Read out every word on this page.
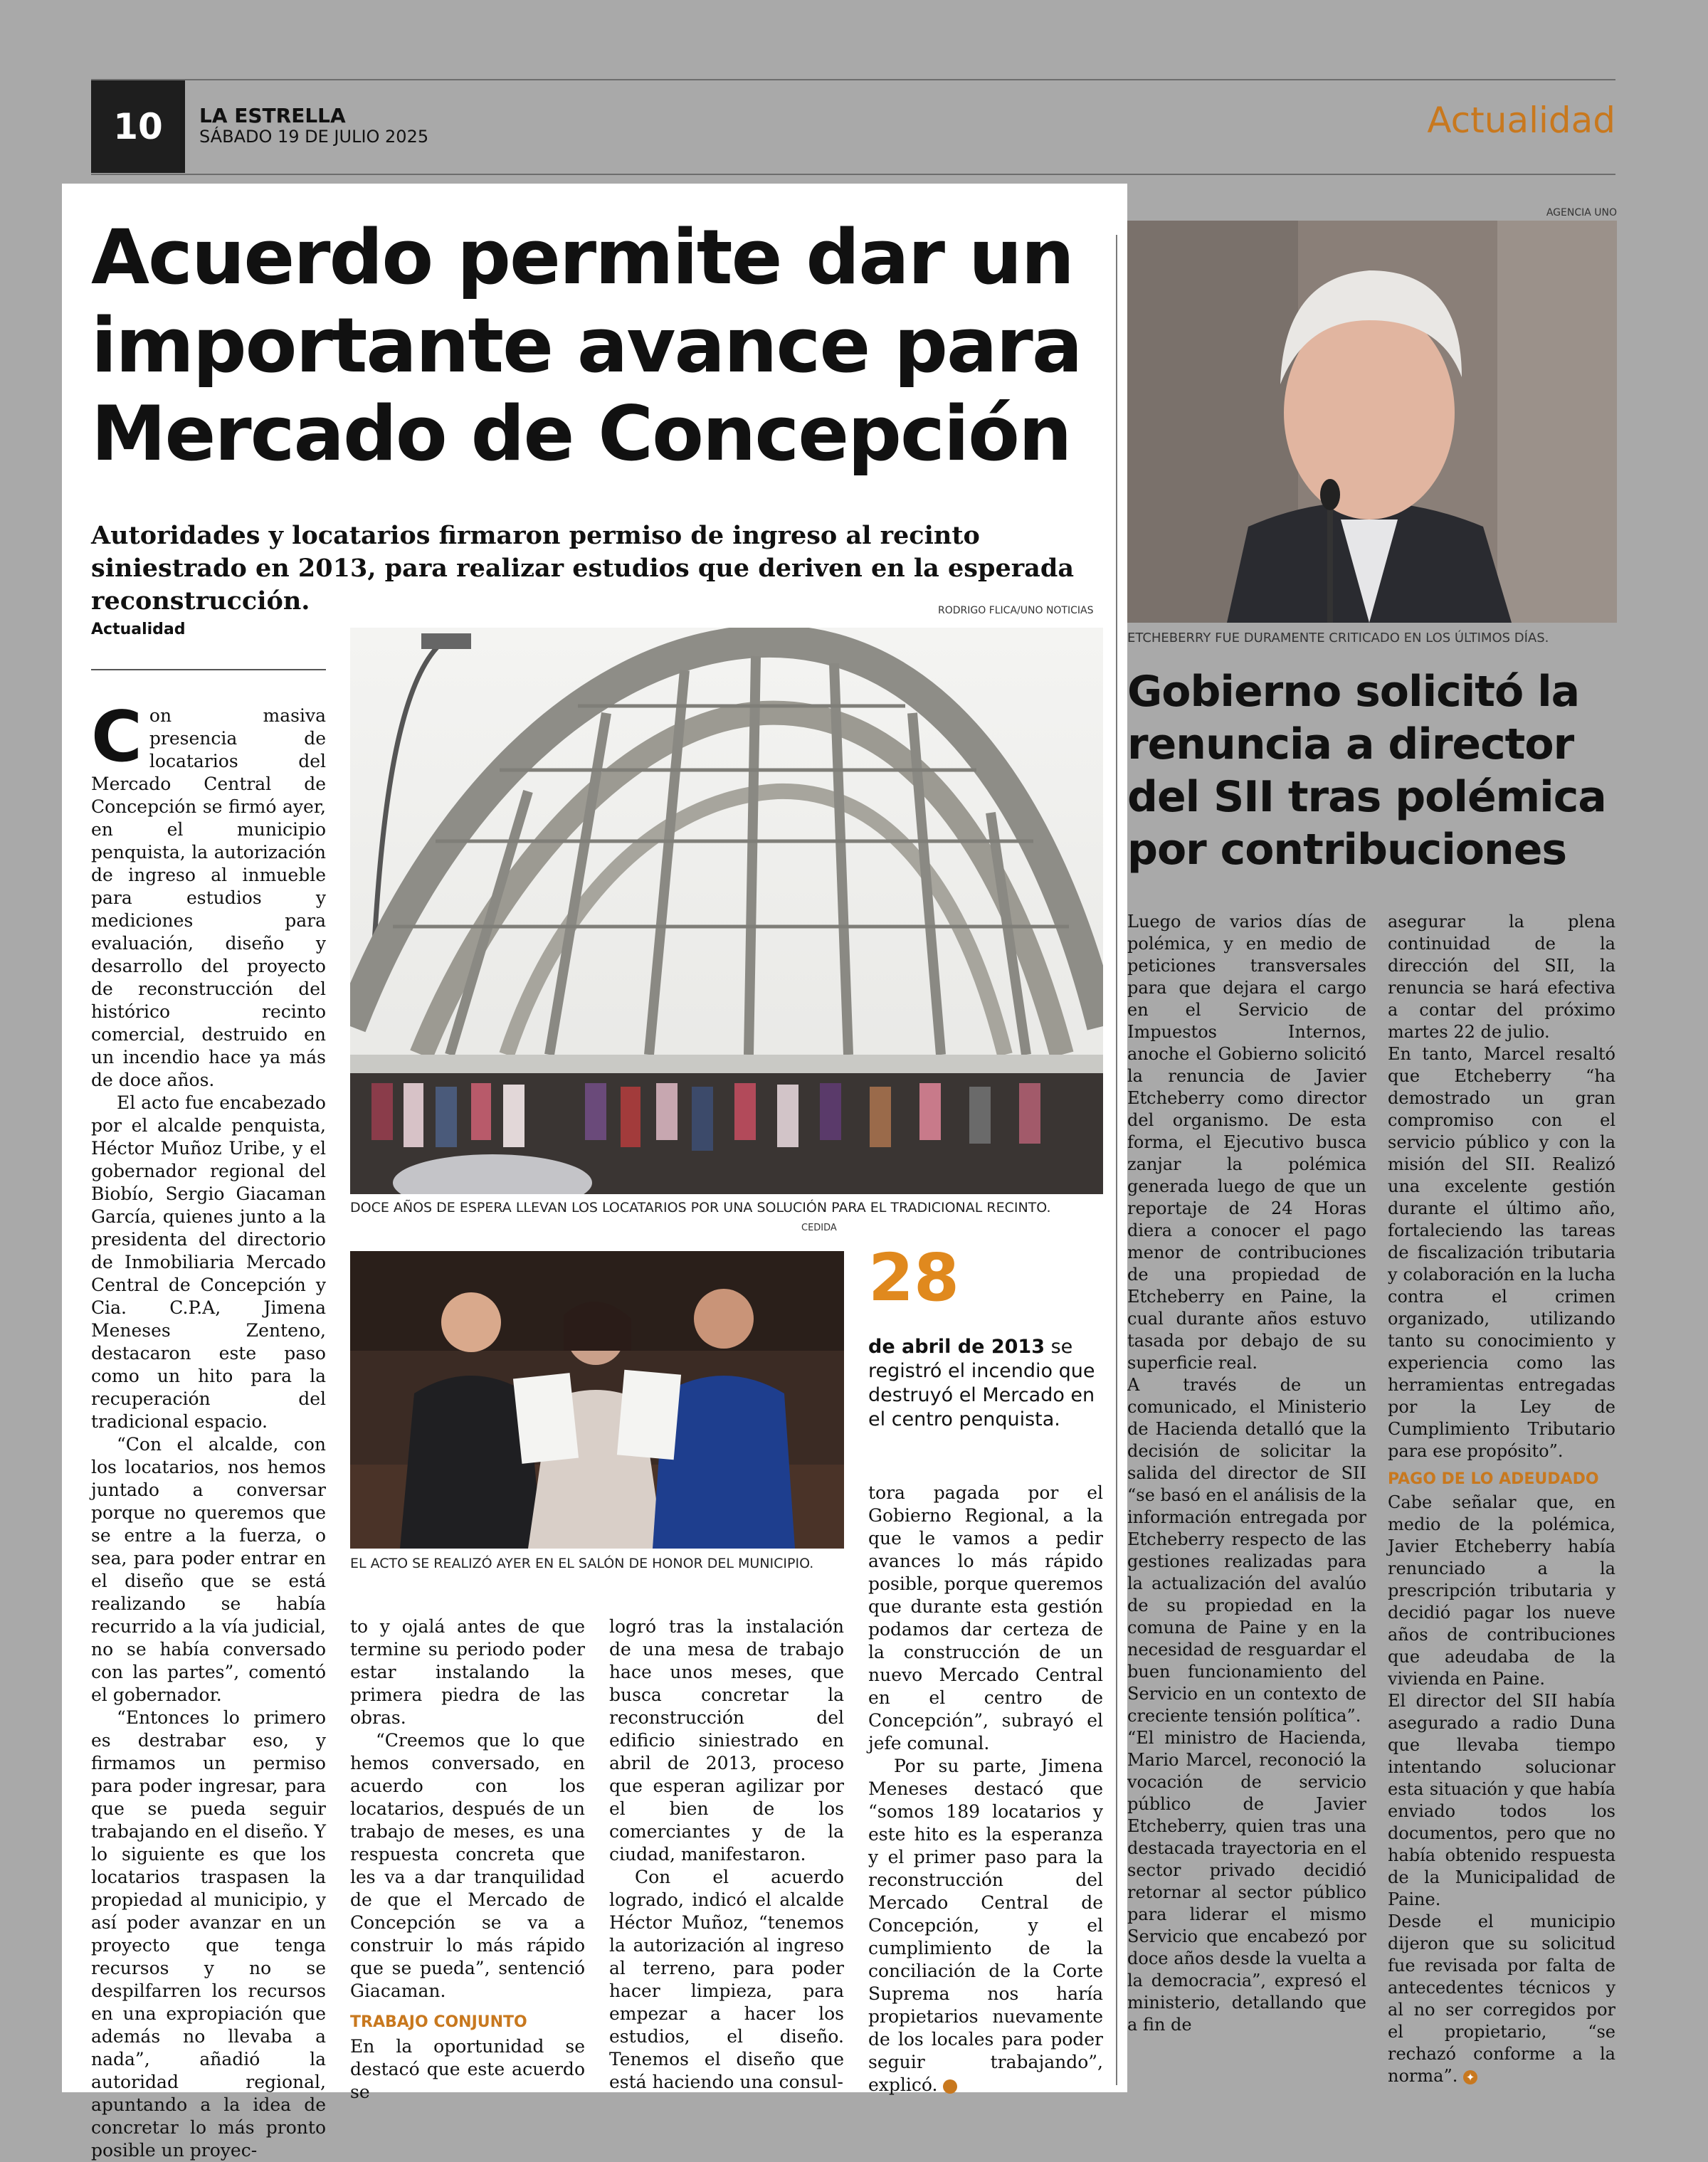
10	LA ESTRELLA
SÁBADO 19 DE JULIO 2025	Actualidad
Acuerdo permite dar un importante avance para Mercado de Concepción
Autoridades y locatarios firmaron permiso de ingreso al recinto siniestrado en 2013, para realizar estudios que deriven en la esperada reconstrucción.	RODRIGO FLICA/UNO NOTICIAS
Actualidad

Con masiva presencia de locatarios del Mercado Central de Concepción se firmó ayer, en el municipio penquista, la autorización de ingreso al inmueble para estudios y mediciones para evaluación, diseño y desarrollo del proyecto de reconstrucción del histórico recinto comercial, destruido en un incendio hace ya más de doce años.

El acto fue encabezado por el alcalde penquista, Héctor Muñoz Uribe, y el gobernador regional del Biobío, Sergio Giacaman García, quienes junto a la presidenta del directorio de Inmobiliaria Mercado Central de Concepción y Cia. C.P.A, Jimena Meneses Zenteno, destacaron este paso como un hito para la recuperación del tradicional espacio.

“Con el alcalde, con los locatarios, nos hemos juntado a conversar porque no queremos que se entre a la fuerza, o sea, para poder entrar en el diseño que se está realizando se había recurrido a la vía judicial, no se había conversado con las partes”, comentó el gobernador.

“Entonces lo primero es destrabar eso, y firmamos un permiso para poder ingresar, para que se pueda seguir trabajando en el diseño. Y lo siguiente es que los locatarios traspasen la propiedad al municipio, y así poder avanzar en un proyecto que tenga recursos y no se despilfarren los recursos en una expropiación que además no llevaba a nada”, añadió la autoridad regional, apuntando a la idea de concretar lo más pronto posible un proyec-

DOCE AÑOS DE ESPERA LLEVAN LOS LOCATARIOS POR UNA SOLUCIÓN PARA EL TRADICIONAL RECINTO.
CEDIDA
EL ACTO SE REALIZÓ AYER EN EL SALÓN DE HONOR DEL MUNICIPIO.
28
de abril de 2013 se registró el incendio que destruyó el Mercado en el centro penquista.

to y ojalá antes de que termine su periodo poder estar instalando la primera piedra de las obras.

“Creemos que lo que hemos conversado, en acuerdo con los locatarios, después de un trabajo de meses, es una respuesta concreta que les va a dar tranquilidad de que el Mercado de Concepción se va a construir lo más rápido que se pueda”, sentenció Giacaman.

TRABAJO CONJUNTO

En la oportunidad se destacó que este acuerdo se

logró tras la instalación de una mesa de trabajo hace unos meses, que busca concretar la reconstrucción del edificio siniestrado en abril de 2013, proceso que esperan agilizar por el bien de los comerciantes y de la ciudad, manifestaron.

Con el acuerdo logrado, indicó el alcalde Héctor Muñoz, “tenemos la autorización al ingreso al terreno, para poder hacer limpieza, para empezar a hacer los estudios, el diseño. Tenemos el diseño que está haciendo una consul-

tora pagada por el Gobierno Regional, a la que le vamos a pedir avances lo más rápido posible, porque queremos que durante esta gestión podamos dar certeza de la construcción de un nuevo Mercado Central en el centro de Concepción”, subrayó el jefe comunal.

Por su parte, Jimena Meneses destacó que “somos 189 locatarios y este hito es la esperanza y el primer paso para la reconstrucción del Mercado Central de Concepción, y el cumplimiento de la conciliación de la Corte Suprema nos haría propietarios nuevamente de los locales para poder seguir trabajando”, explicó.	✦

AGENCIA UNO
ETCHEBERRY FUE DURAMENTE CRITICADO EN LOS ÚLTIMOS DÍAS.
Gobierno solicitó la renuncia a director del SII tras polémica por contribuciones

Luego de varios días de polémica, y en medio de peticiones transversales para que dejara el cargo en el Servicio de Impuestos Internos, anoche el Gobierno solicitó la renuncia de Javier Etcheberry como director del organismo. De esta forma, el Ejecutivo busca zanjar la polémica generada luego de que un reportaje de 24 Horas diera a conocer el pago menor de contribuciones de una propiedad de Etcheberry en Paine, la cual durante años estuvo tasada por debajo de su superficie real.

A través de un comunicado, el Ministerio de Hacienda detalló que la decisión de solicitar la salida del director de SII “se basó en el análisis de la información entregada por Etcheberry respecto de las gestiones realizadas para la actualización del avalúo de su propiedad en la comuna de Paine y en la necesidad de resguardar el buen funcionamiento del Servicio en un contexto de creciente tensión política”.

“El ministro de Hacienda, Mario Marcel, reconoció la vocación de servicio público de Javier Etcheberry, quien tras una destacada trayectoria en el sector privado decidió retornar al sector público para liderar el mismo Servicio que encabezó por doce años desde la vuelta a la democracia”, expresó el ministerio, detallando que a fin de

asegurar la plena continuidad de la dirección del SII, la renuncia se hará efectiva a contar del próximo martes 22 de julio.

En tanto, Marcel resaltó que Etcheberry “ha demostrado un gran compromiso con el servicio público y con la misión del SII. Realizó una excelente gestión durante el último año, fortaleciendo las tareas de fiscalización tributaria y colaboración en la lucha contra el crimen organizado, utilizando tanto su conocimiento y experiencia como las herramientas entregadas por la Ley de Cumplimiento Tributario para ese propósito”.

PAGO DE LO ADEUDADO

Cabe señalar que, en medio de la polémica, Javier Etcheberry había renunciado a la prescripción tributaria y decidió pagar los nueve años de contribuciones que adeudaba de la vivienda en Paine.

El director del SII había asegurado a radio Duna que llevaba tiempo intentando solucionar esta situación y que había enviado todos los documentos, pero que no había obtenido respuesta de la Municipalidad de Paine.

Desde el municipio dijeron que su solicitud fue revisada por falta de antecedentes técnicos y al no ser corregidos por el propietario, “se rechazó conforme a la norma”. ✦
